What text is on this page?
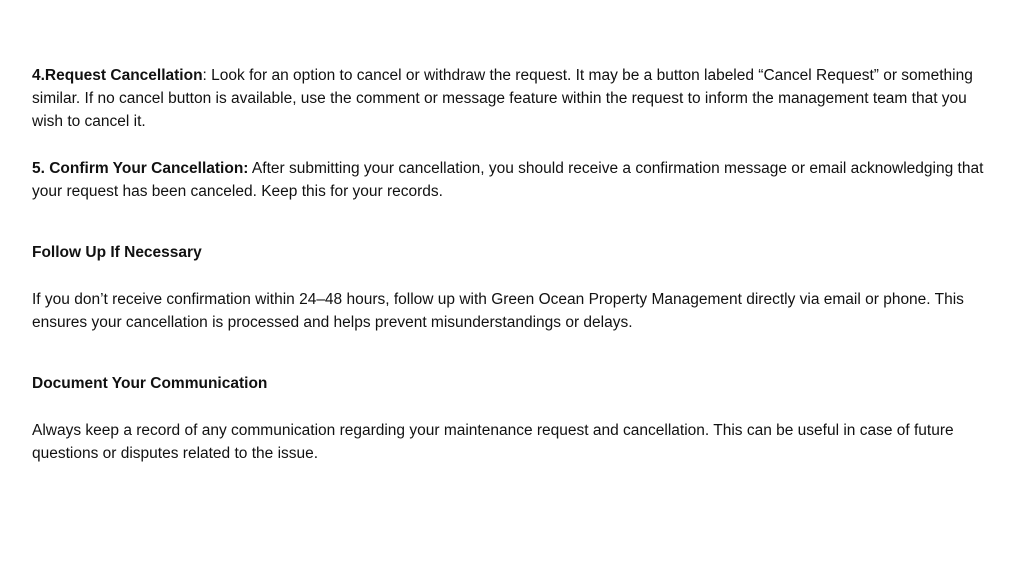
4.Request Cancellation: Look for an option to cancel or withdraw the request. It may be a button labeled “Cancel Request” or something similar. If no cancel button is available, use the comment or message feature within the request to inform the management team that you wish to cancel it.

5. Confirm Your Cancellation: After submitting your cancellation, you should receive a confirmation message or email acknowledging that your request has been canceled. Keep this for your records.

Follow Up If Necessary

If you don’t receive confirmation within 24–48 hours, follow up with Green Ocean Property Management directly via email or phone. This ensures your cancellation is processed and helps prevent misunderstandings or delays.

Document Your Communication

Always keep a record of any communication regarding your maintenance request and cancellation. This can be useful in case of future questions or disputes related to the issue.
